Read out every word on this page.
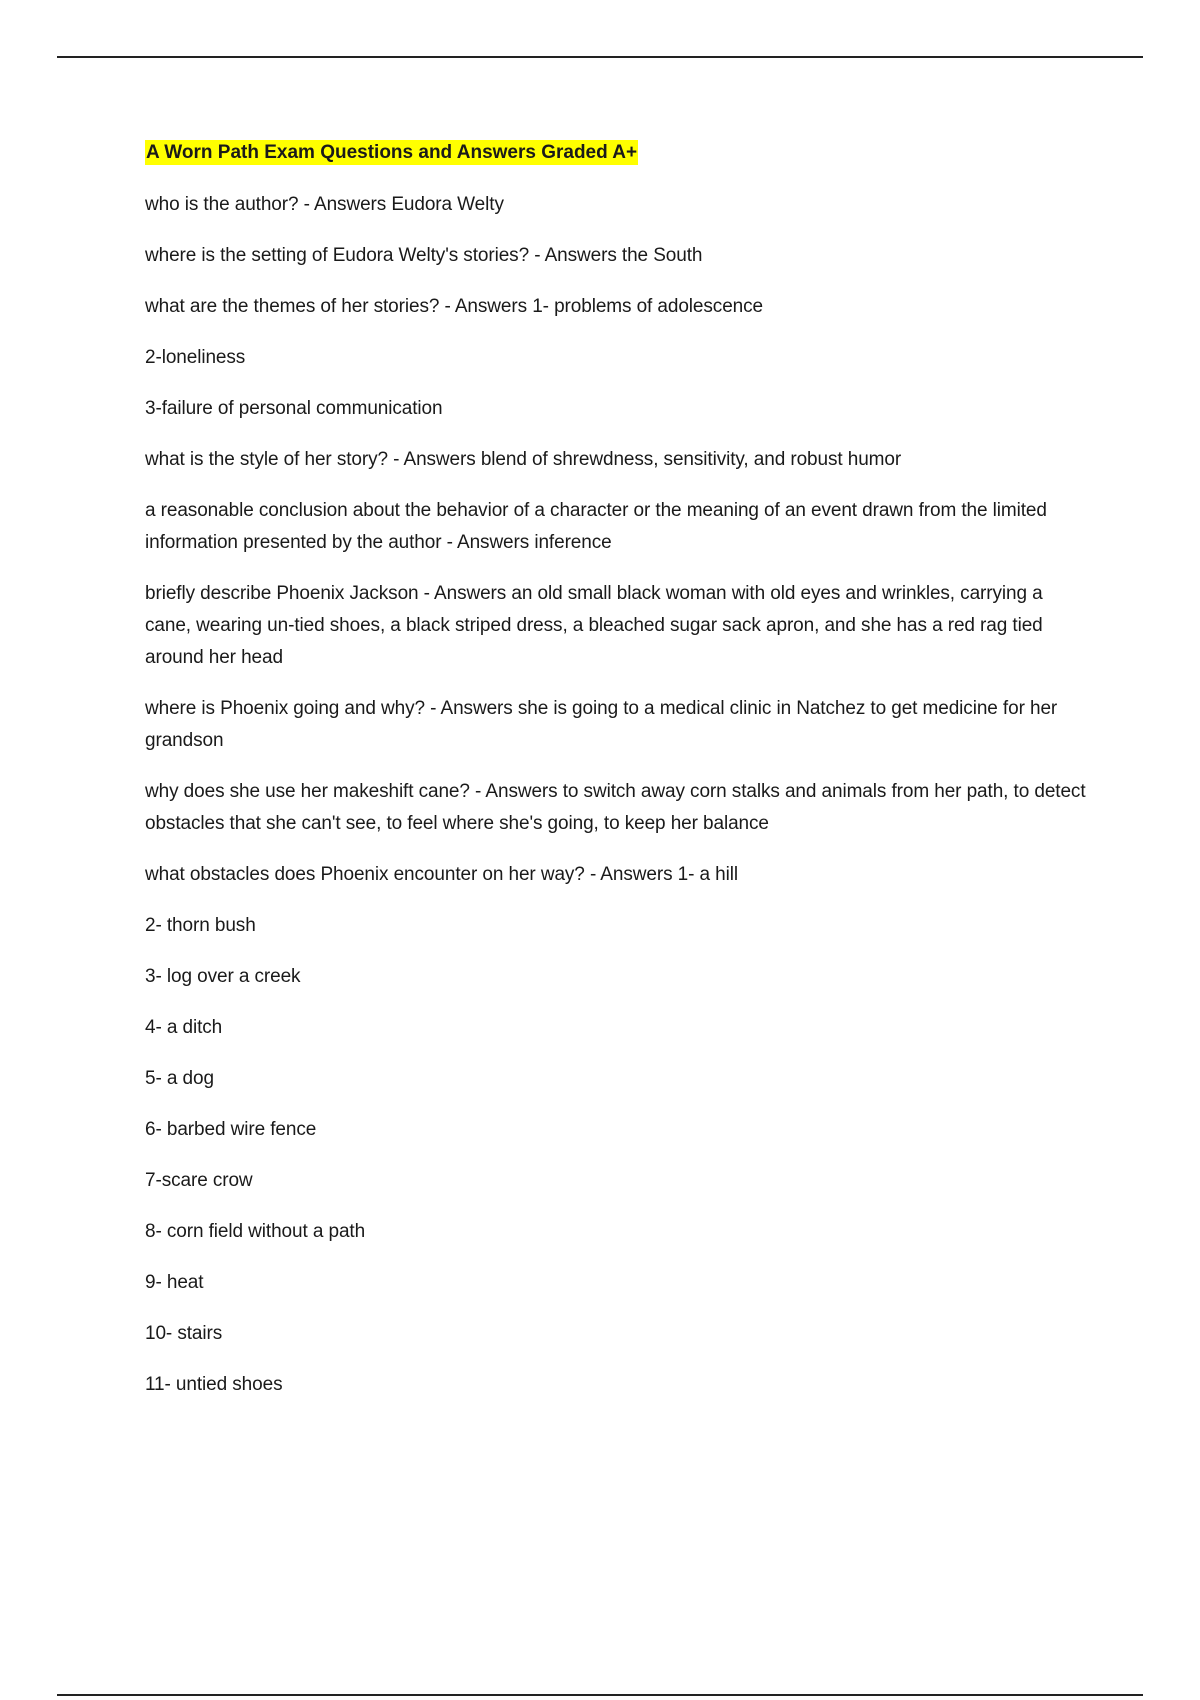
A Worn Path Exam Questions and Answers Graded A+
who is the author? - Answers Eudora Welty
where is the setting of Eudora Welty's stories? - Answers the South
what are the themes of her stories? - Answers 1- problems of adolescence
2-loneliness
3-failure of personal communication
what is the style of her story? - Answers blend of shrewdness, sensitivity, and robust humor
a reasonable conclusion about the behavior of a character or the meaning of an event drawn from the limited information presented by the author - Answers inference
briefly describe Phoenix Jackson - Answers an old small black woman with old eyes and wrinkles, carrying a cane, wearing un-tied shoes, a black striped dress, a bleached sugar sack apron, and she has a red rag tied around her head
where is Phoenix going and why? - Answers she is going to a medical clinic in Natchez to get medicine for her grandson
why does she use her makeshift cane? - Answers to switch away corn stalks and animals from her path, to detect obstacles that she can't see, to feel where she's going, to keep her balance
what obstacles does Phoenix encounter on her way? - Answers 1- a hill
2- thorn bush
3- log over a creek
4- a ditch
5- a dog
6- barbed wire fence
7-scare crow
8- corn field without a path
9- heat
10- stairs
11- untied shoes
